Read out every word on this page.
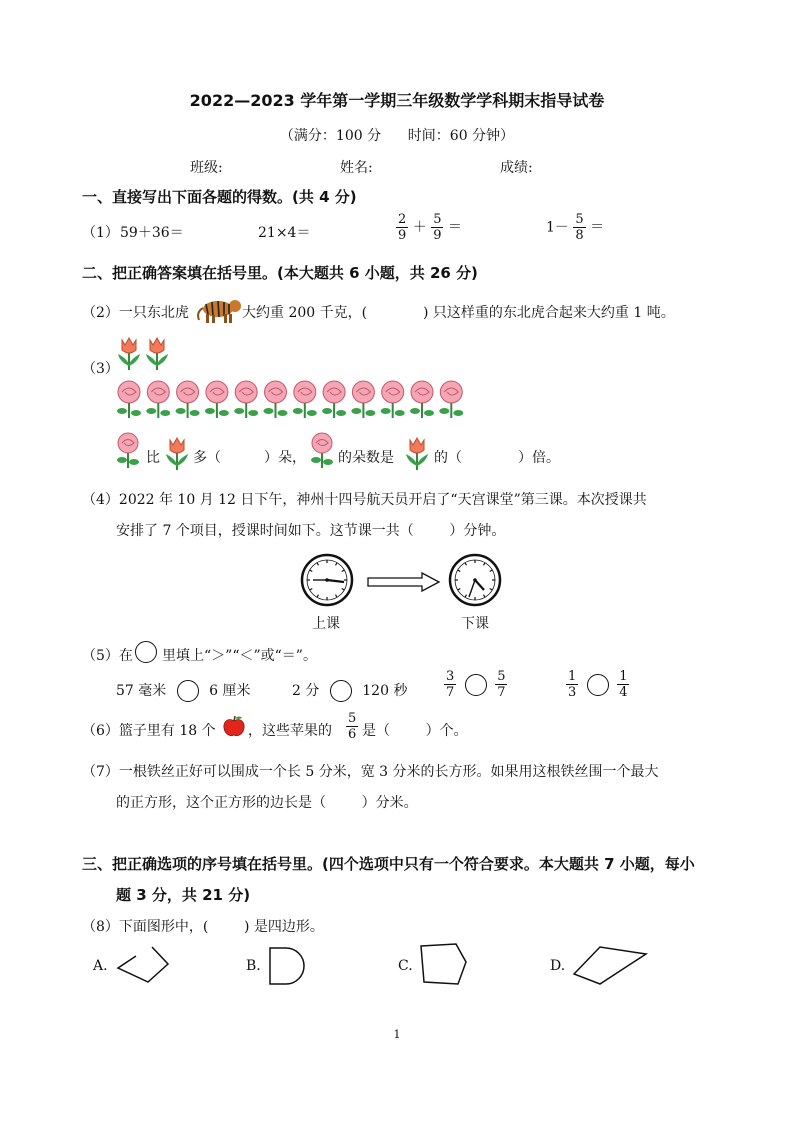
2022—2023 学年第一学期三年级数学学科期末指导试卷
（满分：100 分      时间：60 分钟）
班级:	姓名:	成绩:
一、直接写出下面各题的得数。(共 4 分)
（1） 59＋36＝	21×4＝	$\frac{2}{9} + \frac{5}{9}$ ＝	$1- \frac{5}{8}$ ＝
二、把正确答案填在括号里。(本大题共 6 小题，共 26 分)
（2）一只东北虎	大约重 200 千克，(	) 只这样重的东北虎合起来大约重 1 吨。
（3）
比 多（	）朵， 的朵数是	的（	）倍。
（4）2022 年 10 月 12 日下午，神州十四号航天员开启了“天宫课堂”第三课。本次授课共
安排了 7 个项目，授课时间如下。这节课一共（        ）分钟。
上课	下课
（5）在 里填上“＞”“＜”或“＝”。
57 毫米	6 厘米	2 分	120 秒	$\frac{3}{7}$
	$\frac{5}{7}$	$\frac{1}{3}$
	$\frac{1}{4}$
（6）篮子里有 18 个 ，这些苹果的 $\frac{5}{6}$ 是（        ）个。
（7）一根铁丝正好可以围成一个长 5 分米，宽 3 分米的长方形。如果用这根铁丝围一个最大
的正方形，这个正方形的边长是（        ）分米。
三、把正确选项的序号填在括号里。(四个选项中只有一个符合要求。本大题共 7 小题，每小
题 3 分，共 21 分)
（8）下面图形中，(        ) 是四边形。
A.	B.	C.	D.
1
